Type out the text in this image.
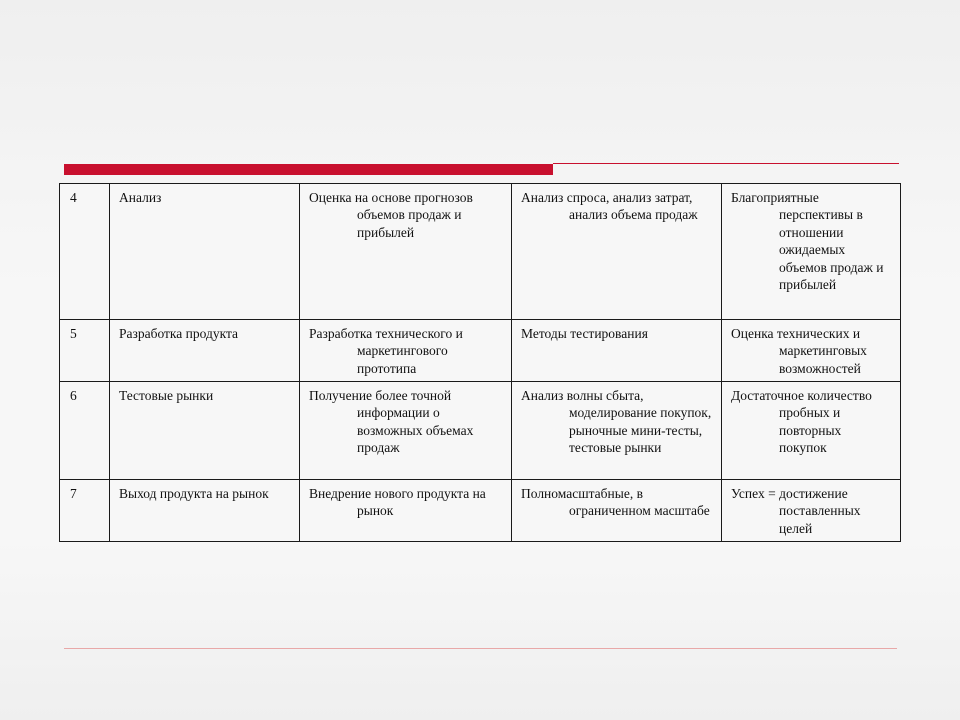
4	Анализ	Оценка на основе прогнозов объемов продаж и прибылей	Анализ спроса, анализ затрат, анализ объема продаж	Благоприятные перспективы в отношении ожидаемых объемов продаж и прибылей

5	Разработка продукта	Разработка технического и маркетингового прототипа	Методы тестирования	Оценка технических и маркетинговых возможностей

6	Тестовые рынки	Получение более точной информации о возможных объемах продаж	Анализ волны сбыта, моделирование покупок, рыночные мини-тесты, тестовые рынки	Достаточное количество пробных и повторных покупок

7	Выход продукта на рынок	Внедрение нового продукта на рынок	Полномасштабные, в ограниченном масштабе	Успех = достижение поставленных целей
